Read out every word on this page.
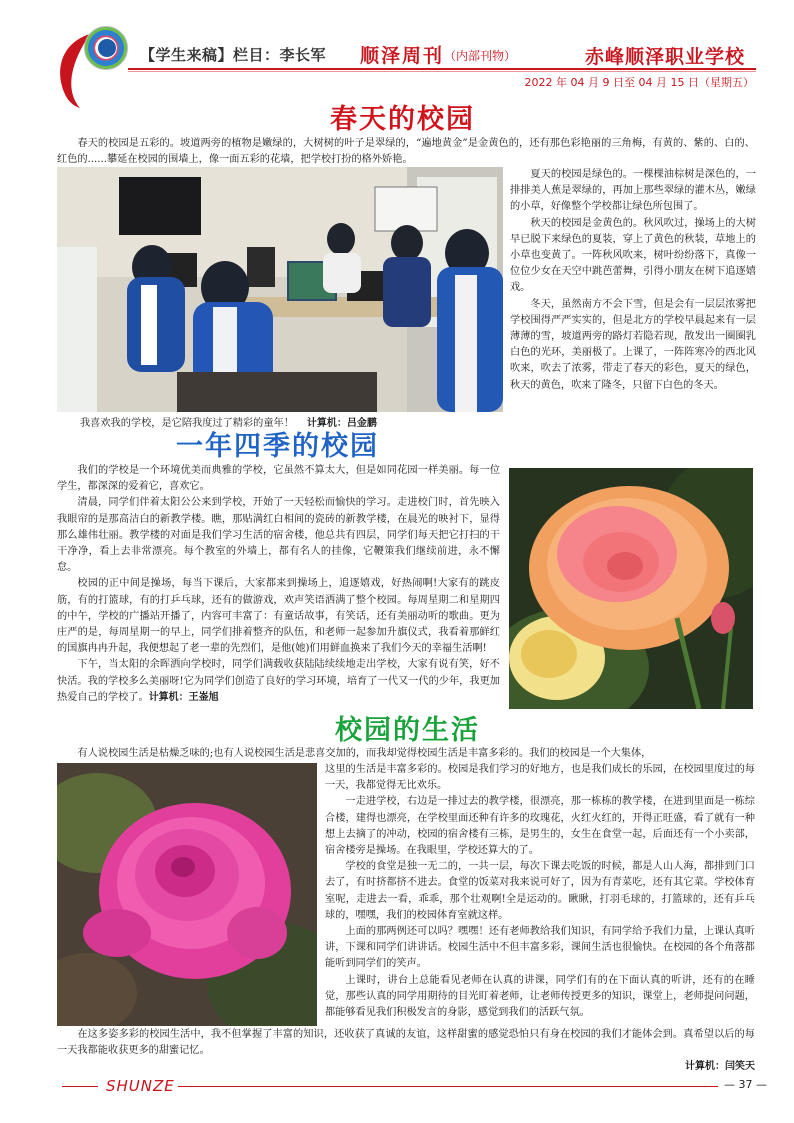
【学生来稿】栏目：李长军 顺泽周刊 （内部刊物）	赤峰顺泽职业学校
2022 年 04 月 9 日至 04 月 15 日（星期五）
春天的校园

春天的校园是五彩的。坡道两旁的植物是嫩绿的，大树树的叶子是翠绿的，“遍地黄金”是金黄色的，还有那色彩艳丽的三角梅，有黄的、紫的、白的、红色的......攀延在校园的围墙上，像一面五彩的花墙，把学校打扮的格外娇艳。

夏天的校园是绿色的。一棵棵油棕树是深色的，一排排美人蕉是翠绿的，再加上那些翠绿的灌木丛，嫩绿的小草，好像整个学校都让绿色所包围了。

秋天的校园是金黄色的。秋风吹过，操场上的大树早已脱下来绿色的夏装，穿上了黄色的秋装，草地上的小草也变黄了。一阵秋风吹来，树叶纷纷落下，真像一位位少女在天空中跳芭蕾舞，引得小朋友在树下追逐嬉戏。

冬天，虽然南方不会下雪，但是会有一层层浓雾把学校围得严严实实的，但是北方的学校早晨起来有一层薄薄的雪，坡道两旁的路灯若隐若现，散发出一圈圈乳白色的光环，美丽极了。上课了，一阵阵寒冷的西北风吹来，吹去了浓雾，带走了春天的彩色，夏天的绿色，秋天的黄色，吹来了隆冬，只留下白色的冬天。

我喜欢我的学校，是它陪我度过了精彩的童年！ 计算机：吕金鹏
一年四季的校园

我们的学校是一个环境优美而典雅的学校，它虽然不算太大，但是如同花园一样美丽。每一位学生，都深深的爱着它，喜欢它。

清晨，同学们伴着太阳公公来到学校，开始了一天轻松而愉快的学习。走进校门时，首先映入我眼帘的是那高洁白的新教学楼。瞧，那贴满红白相间的瓷砖的新教学楼，在晨光的映衬下，显得那么雄伟壮丽。教学楼的对面是我们学习生活的宿舍楼，他总共有四层，同学们每天把它打扫的干干净净，看上去非常漂亮。每个教室的外墙上，都有名人的挂像，它鞭策我们继续前进，永不懈怠。

校园的正中间是操场，每当下课后，大家都来到操场上，追逐嬉戏，好热闹啊!大家有的跳皮筋，有的打篮球，有的打乒乓球，还有的做游戏，欢声笑语洒满了整个校园。每周星期二和星期四的中午，学校的广播站开播了，内容可丰富了：有童话故事，有笑话，还有美丽动听的歌曲。更为庄严的是，每周星期一的早上，同学们排着整齐的队伍，和老师一起参加升旗仪式，我看着那鲜红的国旗冉冉升起，我便想起了老一辈的先烈们，是他(她)们用鲜血换来了我们今天的幸福生活啊!

下午，当太阳的余晖洒向学校时，同学们满载收获陆陆续续地走出学校，大家有说有笑，好不快活。我的学校多么美丽呀!它为同学们创造了良好的学习环境，培育了一代又一代的少年，我更加热爱自己的学校了。计算机：王崟旭

校园的生活

有人说校园生活是枯燥乏味的;也有人说校园生活是悲喜交加的，而我却觉得校园生活是丰富多彩的。我们的校园是一个大集体，

这里的生活是丰富多彩的。校园是我们学习的好地方，也是我们成长的乐园，在校园里度过的每一天，我都觉得无比欢乐。

一走进学校，右边是一排过去的教学楼，很漂亮，那一栋栋的教学楼，在进到里面是一栋综合楼，建得也漂亮，在学校里面还种有许多的玫瑰花，火红火红的，开得正旺盛，看了就有一种想上去摘了的冲动，校园的宿舍楼有三栋，是男生的，女生在食堂一起，后面还有一个小卖部，宿舍楼旁是操场。在我眼里，学校还算大的了。

学校的食堂是独一无二的，一共一层，每次下课去吃饭的时候，都是人山人海，都排到门口去了，有时挤都挤不进去。食堂的饭菜对我来说可好了，因为有青菜吃，还有其它菜。学校体育室呢，走进去一看，乖乖，那个壮观啊!全是运动的。瞅瞅，打羽毛球的，打篮球的，还有乒乓球的，嘿嘿，我们的校园体育室就这样。

上面的那两例还可以吗？嘿嘿！还有老师教给我们知识，有同学给予我们力量，上课认真听讲，下课和同学们讲讲话。校园生活中不但丰富多彩，课间生活也很愉快。在校园的各个角落都能听到同学们的笑声。

上课时，讲台上总能看见老师在认真的讲课，同学们有的在下面认真的听讲，还有的在睡觉，那些认真的同学用期待的目光盯着老师，让老师传授更多的知识，课堂上，老师提问问题，都能够看见我们积极发言的身影，感觉到我们的活跃气氛。

在这多姿多彩的校园生活中，我不但掌握了丰富的知识，还收获了真诚的友谊，这样甜蜜的感觉恐怕只有身在校园的我们才能体会到。真希望以后的每一天我都能收获更多的甜蜜记忆。

计算机：闫笑天

SHUNZE	— 37 —
